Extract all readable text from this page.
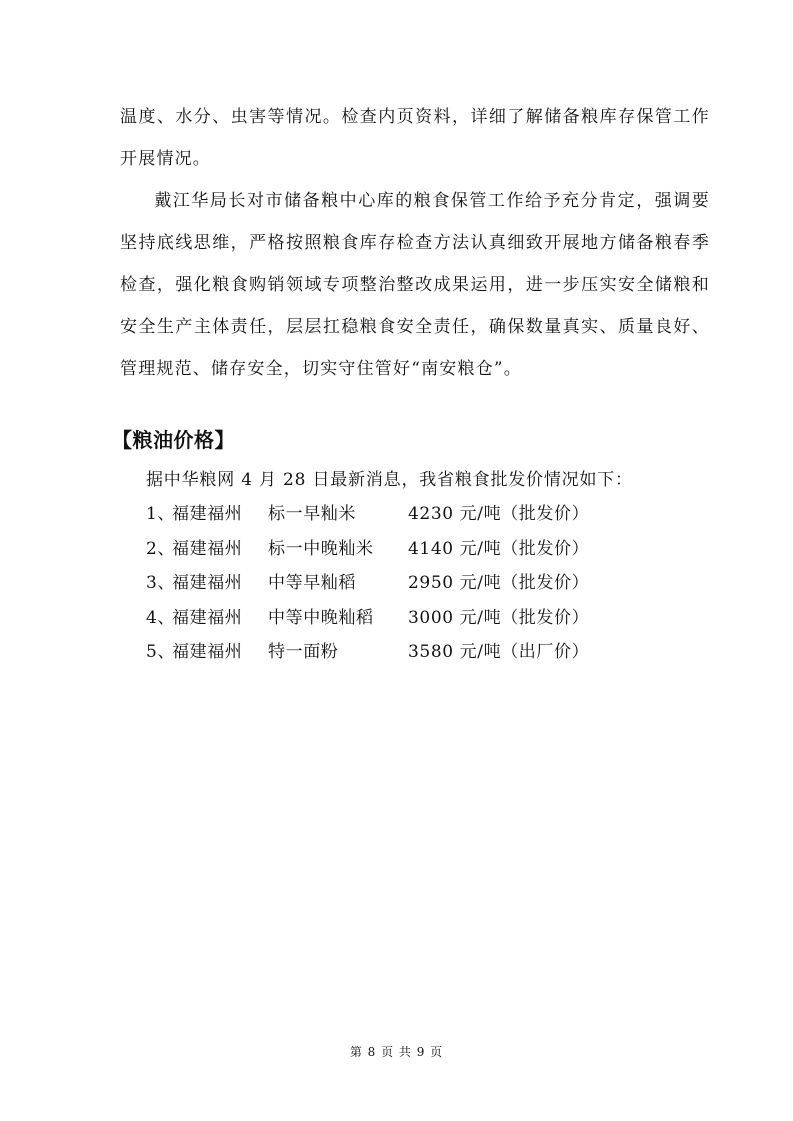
温度、水分、虫害等情况。检查内页资料，详细了解储备粮库存保管工作开展情况。

戴江华局长对市储备粮中心库的粮食保管工作给予充分肯定，强调要坚持底线思维，严格按照粮食库存检查方法认真细致开展地方储备粮春季检查，强化粮食购销领域专项整治整改成果运用，进一步压实安全储粮和安全生产主体责任，层层扛稳粮食安全责任，确保数量真实、质量良好、管理规范、储存安全，切实守住管好“南安粮仓”。

【粮油价格】

据中华粮网 4 月 28 日最新消息，我省粮食批发价情况如下：

1、福建福州 标一早籼米	4230 元/吨（批发价）
2、福建福州 标一中晚籼米 4140 元/吨（批发价）
3、福建福州 中等早籼稻	2950 元/吨（批发价）
4、福建福州 中等中晚籼稻 3000 元/吨（批发价）
5、福建福州 特一面粉	3580 元/吨（出厂价）

第 8 页 共 9 页
